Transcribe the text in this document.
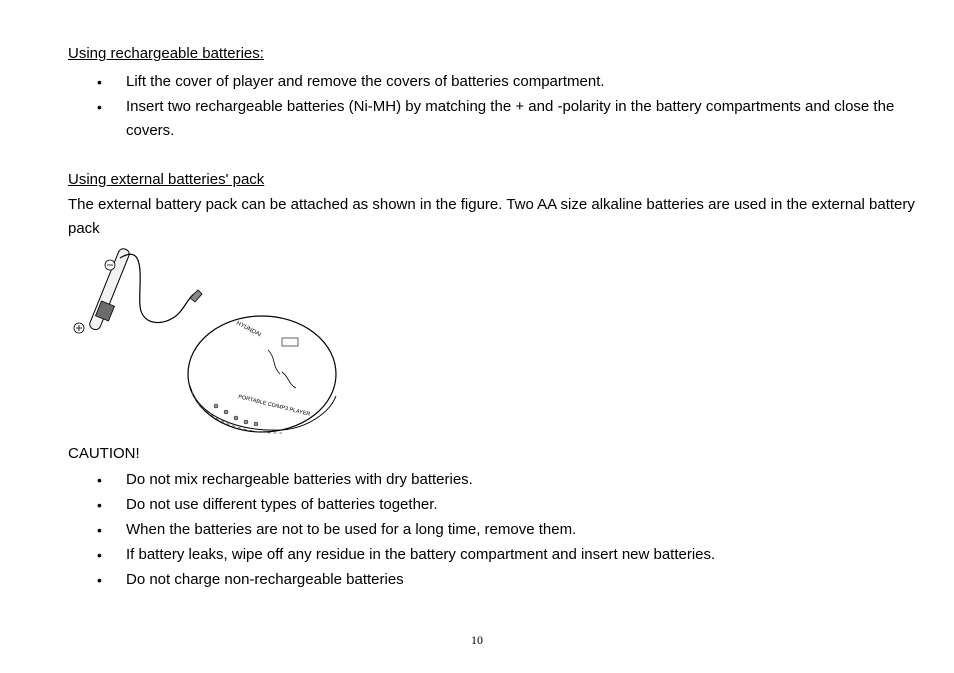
Using rechargeable batteries:
• Lift the cover of player and remove the covers of batteries compartment.
• Insert two rechargeable batteries (Ni-MH) by matching the + and -polarity in the battery compartments and close the covers.
Using external batteries' pack
The external battery pack can be attached as shown in the figure. Two AA size alkaline batteries are used in the external battery pack
HYUNDAI
PORTABLE CD/MP3 PLAYER
CAUTION!
• Do not mix rechargeable batteries with dry batteries.
• Do not use different types of batteries together.
• When the batteries are not to be used for a long time, remove them.
• If battery leaks, wipe off any residue in the battery compartment and insert new batteries.
• Do not charge non-rechargeable batteries
10
